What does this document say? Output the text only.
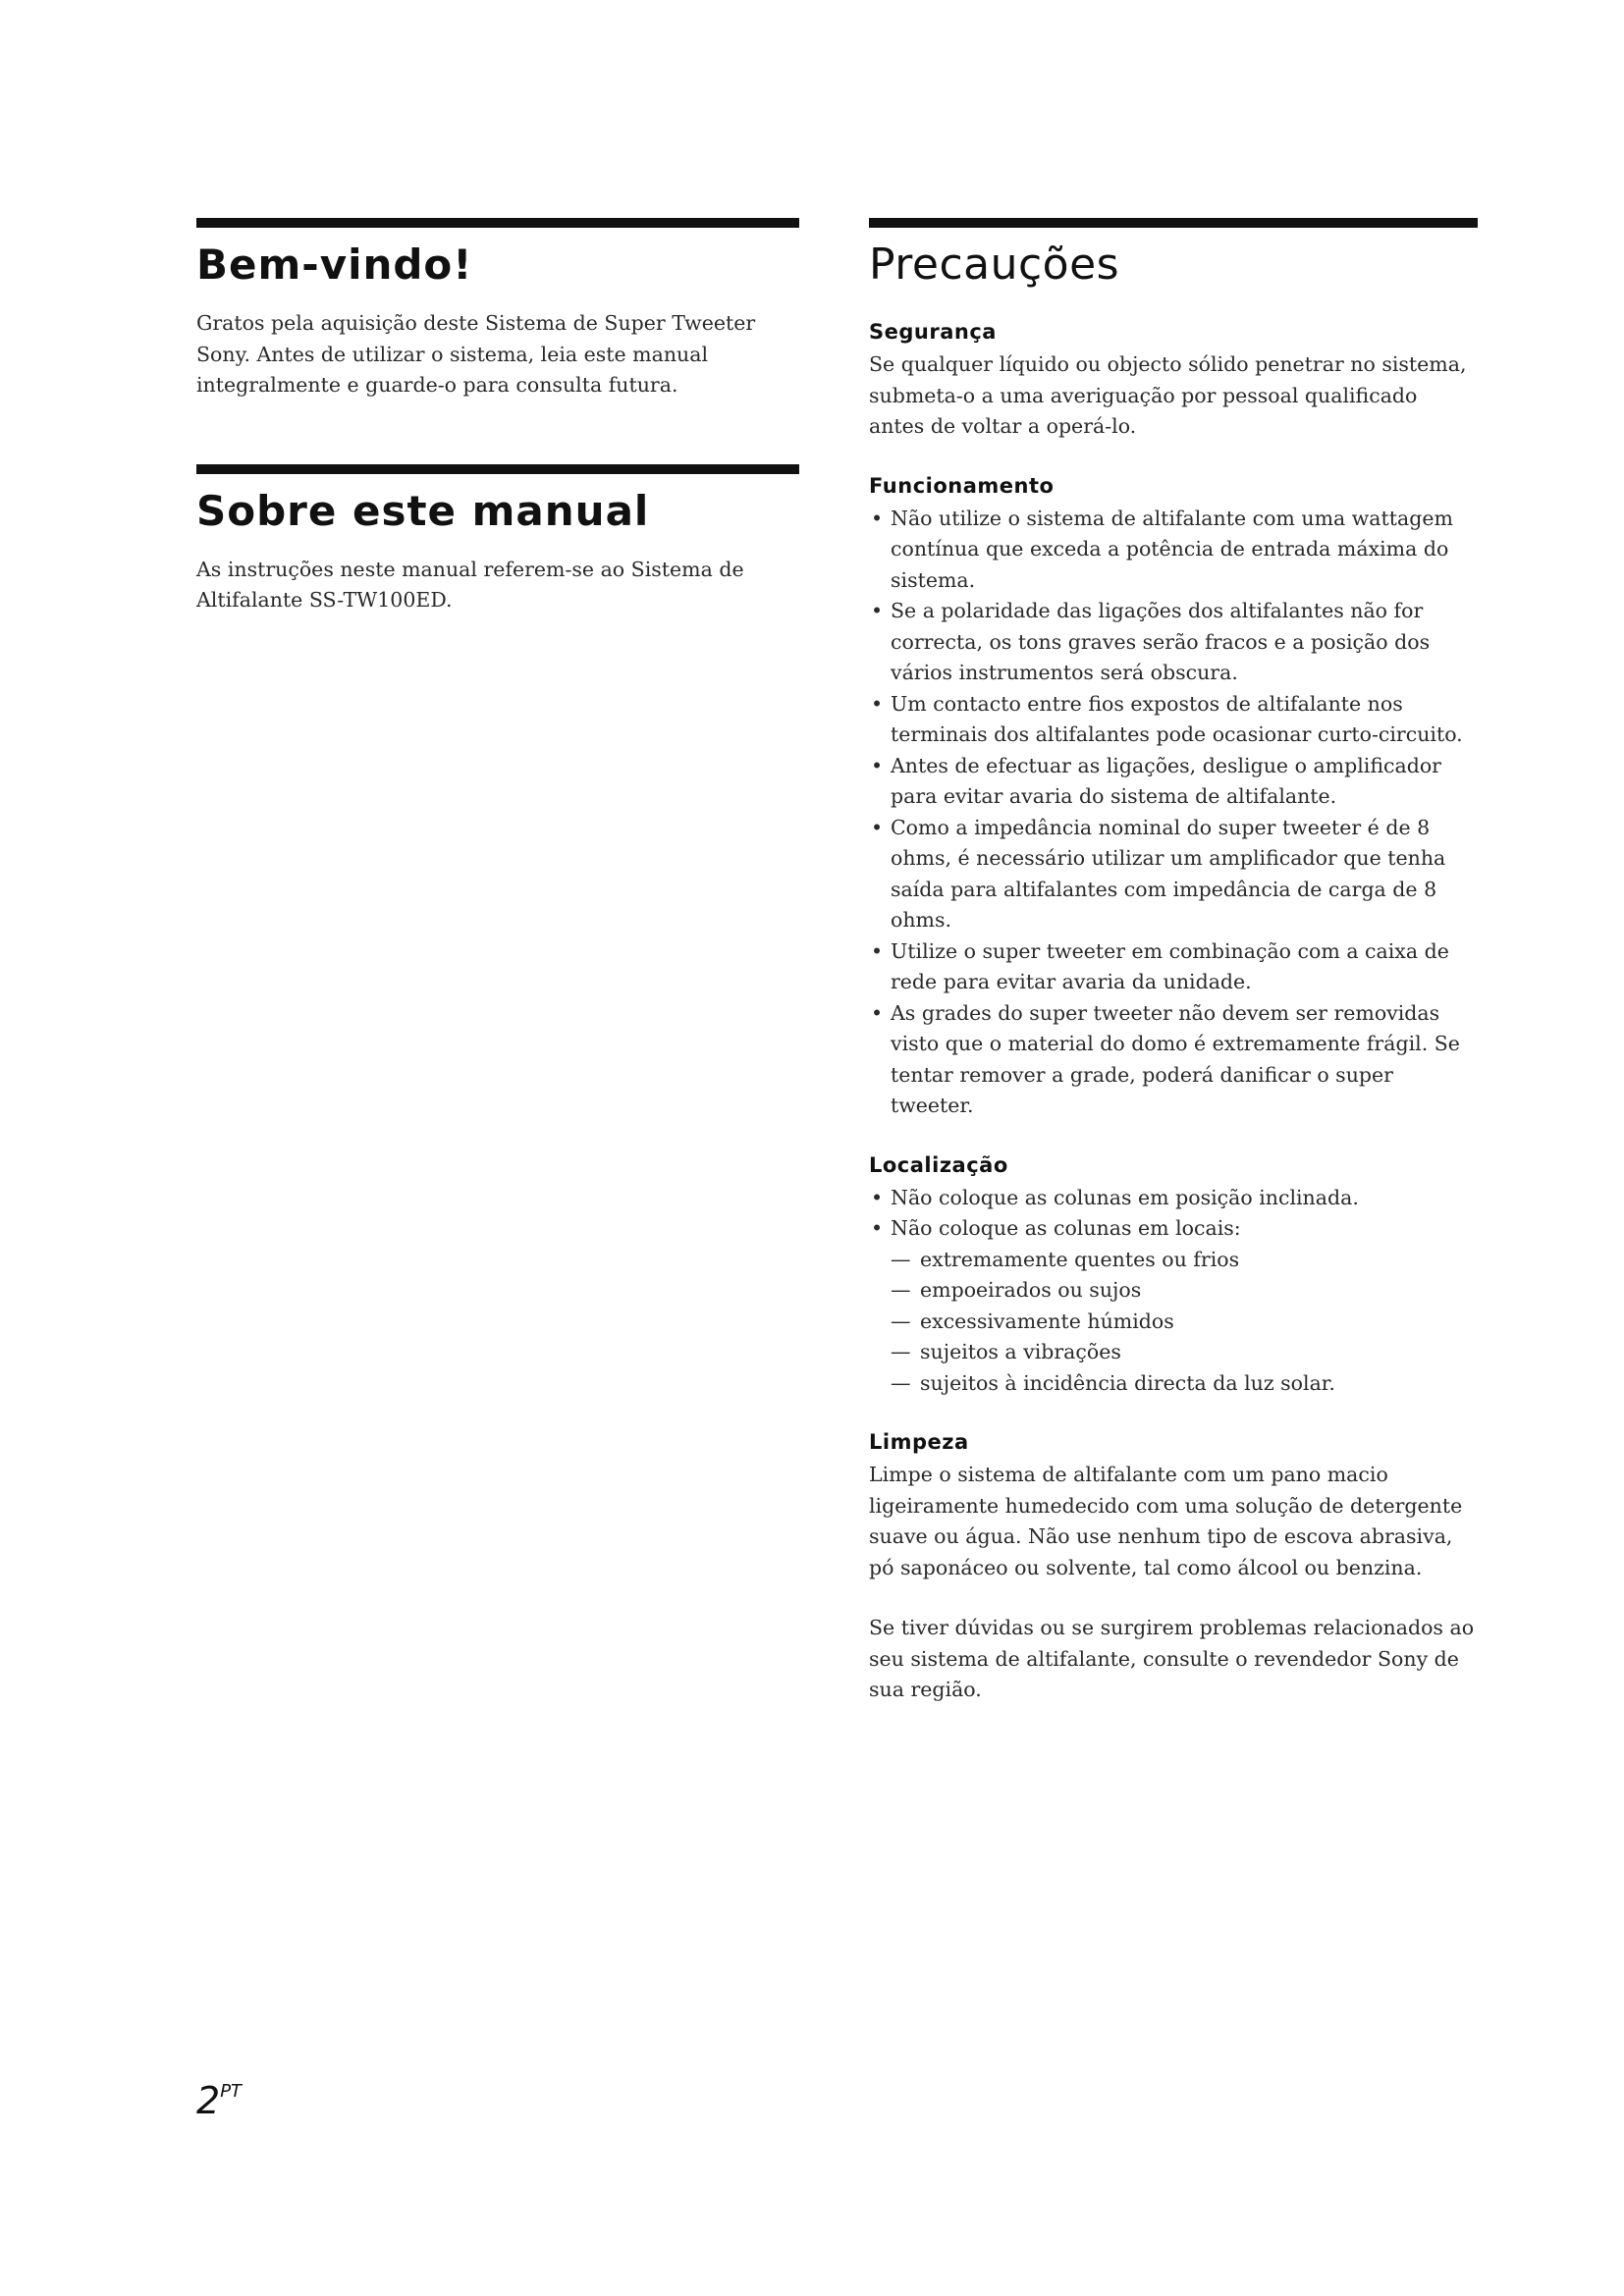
Bem-vindo!

Gratos pela aquisição deste Sistema de Super Tweeter Sony. Antes de utilizar o sistema, leia este manual integralmente e guarde-o para consulta futura.

Sobre este manual

As instruções neste manual referem-se ao Sistema de Altifalante SS-TW100ED.

Precauções
Segurança

Se qualquer líquido ou objecto sólido penetrar no sistema, submeta-o a uma averiguação por pessoal qualificado antes de voltar a operá-lo.

Funcionamento
• Não utilize o sistema de altifalante com uma wattagem contínua que exceda a potência de entrada máxima do sistema.
• Se a polaridade das ligações dos altifalantes não for correcta, os tons graves serão fracos e a posição dos vários instrumentos será obscura.
• Um contacto entre fios expostos de altifalante nos terminais dos altifalantes pode ocasionar curto-circuito.
• Antes de efectuar as ligações, desligue o amplificador para evitar avaria do sistema de altifalante.
• Como a impedância nominal do super tweeter é de 8 ohms, é necessário utilizar um amplificador que tenha saída para altifalantes com impedância de carga de 8 ohms.
• Utilize o super tweeter em combinação com a caixa de rede para evitar avaria da unidade.
• As grades do super tweeter não devem ser removidas visto que o material do domo é extremamente frágil. Se tentar remover a grade, poderá danificar o super tweeter.
Localização
• Não coloque as colunas em posição inclinada.
• Não coloque as colunas em locais:
— extremamente quentes ou frios
— empoeirados ou sujos
— excessivamente húmidos
— sujeitos a vibrações
— sujeitos à incidência directa da luz solar.
Limpeza

Limpe o sistema de altifalante com um pano macio ligeiramente humedecido com uma solução de detergente suave ou água. Não use nenhum tipo de escova abrasiva, pó saponáceo ou solvente, tal como álcool ou benzina.

Se tiver dúvidas ou se surgirem problemas relacionados ao seu sistema de altifalante, consulte o revendedor Sony de sua região.

$2^{PT}$
